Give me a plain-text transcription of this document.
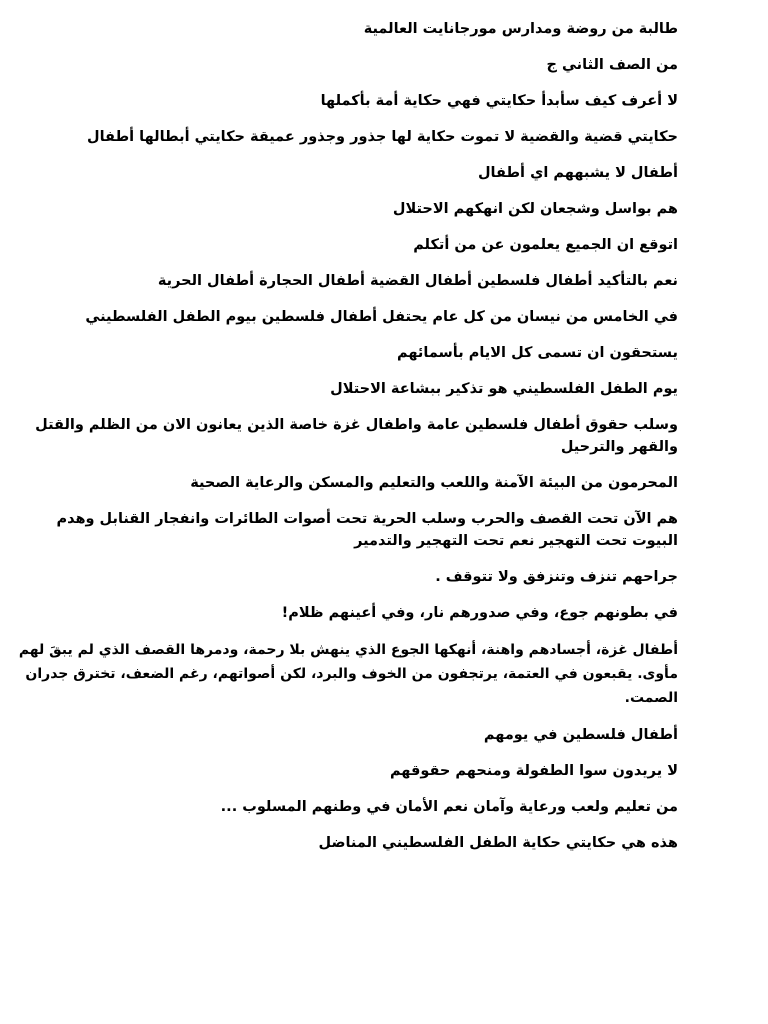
طالبة من روضة ومدارس مورجانايت العالمية

من الصف الثاني ج

لا أعرف كيف سأبدأ حكايتي فهي حكاية أمة بأكملها

حكايتي قضية والقضية لا تموت حكاية لها جذور وجذور عميقة حكايتي أبطالها أطفال

أطفال لا يشبههم اي أطفال

هم بواسل وشجعان لكن انهكهم الاحتلال

اتوقع ان الجميع يعلمون عن من أتكلم

نعم بالتأكيد أطفال فلسطين أطفال القضية أطفال الحجارة أطفال الحرية

في الخامس من نيسان من كل عام يحتفل أطفال فلسطين بيوم الطفل الفلسطيني

يستحقون ان تسمى كل الايام بأسمائهم

يوم الطفل الفلسطيني هو تذكير ببشاعة الاحتلال

وسلب حقوق أطفال فلسطين عامة واطفال غزة خاصة الذين يعانون الان من الظلم والقتل والقهر والترحيل

المحرمون من البيئة الآمنة واللعب والتعليم والمسكن والرعاية الصحية

هم الآن تحت القصف والحرب وسلب الحرية تحت أصوات الطائرات وانفجار القنابل وهدم البيوت تحت التهجير نعم تحت التهجير والتدمير

جراحهم تنزف وتنزفق ولا تتوقف .

في بطونهم جوع، وفي صدورهم نار، وفي أعينهم ظلام!

أطفال غزة، أجسادهم واهنة، أنهكها الجوع الذي ينهش بلا رحمة، ودمرها القصف الذي لم يبقَ لهم مأوى. يقبعون في العتمة، يرتجفون من الخوف والبرد، لكن أصواتهم، رغم الضعف، تخترق جدران الصمت.

أطفال فلسطين في يومهم

لا يريدون سوا الطفولة ومنحهم حقوقهم

من تعليم ولعب ورعاية وآمان نعم الأمان في وطنهم المسلوب ...

هذه هي حكايتي حكاية الطفل الفلسطيني المناضل
